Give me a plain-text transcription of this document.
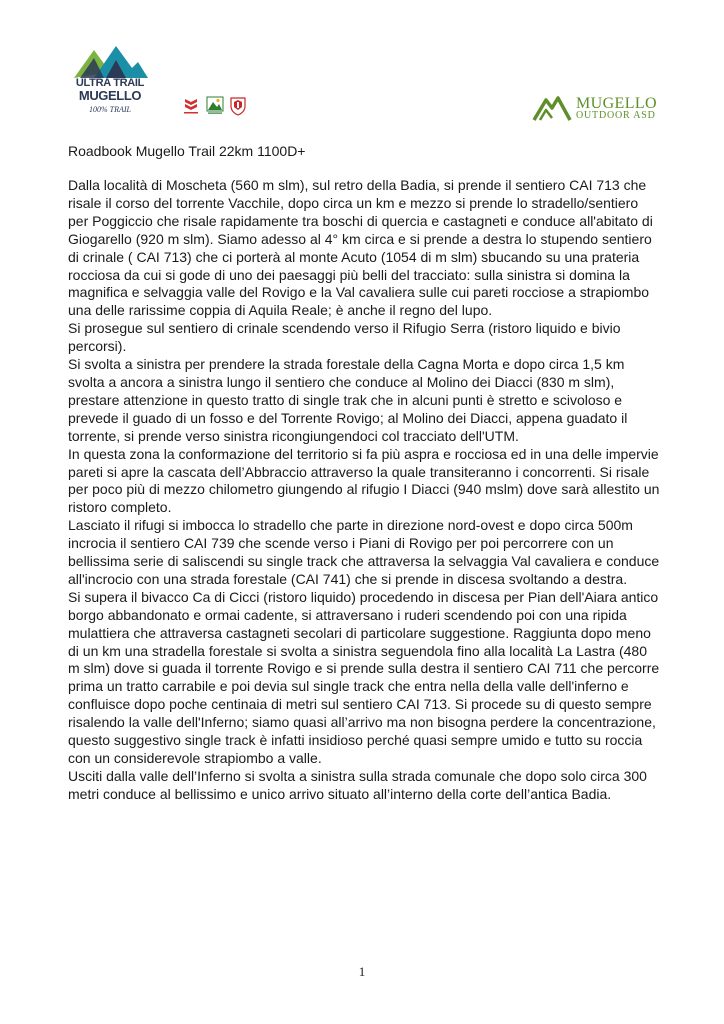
ULTRA TRAIL
MUGELLO
100% TRAIL	MUGELLO
OUTDOOR ASD
Roadbook Mugello Trail 22km 1100D+

Dalla località di Moscheta (560 m slm), sul retro della Badia, si prende il sentiero CAI 713 che risale il corso del torrente Vacchile, dopo circa un km e mezzo si prende lo stradello/sentiero per Poggiccio che risale rapidamente tra boschi di quercia e castagneti e conduce all'abitato di Giogarello (920 m slm). Siamo adesso al 4° km circa e si prende a destra lo stupendo sentiero di crinale ( CAI 713) che ci porterà al monte Acuto (1054 di m slm) sbucando su una prateria rocciosa da cui si gode di uno dei paesaggi più belli del tracciato: sulla sinistra si domina la magnifica e selvaggia valle del Rovigo e la Val cavaliera sulle cui pareti rocciose a strapiombo una delle rarissime coppia di Aquila Reale; è anche il regno del lupo.

Si prosegue sul sentiero di crinale scendendo verso il Rifugio Serra (ristoro liquido e bivio percorsi).

Si svolta a sinistra per prendere la strada forestale della Cagna Morta e dopo circa 1,5 km svolta a ancora a sinistra lungo il sentiero che conduce al Molino dei Diacci (830 m slm), prestare attenzione in questo tratto di single trak che in alcuni punti è stretto e scivoloso e prevede il guado di un fosso e del Torrente Rovigo; al Molino dei Diacci, appena guadato il torrente, si prende verso sinistra ricongiungendoci col tracciato dell'UTM.

In questa zona la conformazione del territorio si fa più aspra e rocciosa ed in una delle impervie pareti si apre la cascata dell’Abbraccio attraverso la quale transiteranno i concorrenti. Si risale per poco più di mezzo chilometro giungendo al rifugio I Diacci (940 mslm) dove sarà allestito un ristoro completo.

Lasciato il rifugi si imbocca lo stradello che parte in direzione nord-ovest e dopo circa 500m incrocia il sentiero CAI 739 che scende verso i Piani di Rovigo per poi percorrere con un bellissima serie di saliscendi su single track che attraversa la selvaggia Val cavaliera e conduce all'incrocio con una strada forestale (CAI 741) che si prende in discesa svoltando a destra.

Si supera il bivacco Ca di Cicci (ristoro liquido) procedendo in discesa per Pian dell'Aiara antico borgo abbandonato e ormai cadente, si attraversano i ruderi scendendo poi con una ripida mulattiera che attraversa castagneti secolari di particolare suggestione. Raggiunta dopo meno di un km una stradella forestale si svolta a sinistra seguendola fino alla località La Lastra (480 m slm) dove si guada il torrente Rovigo e si prende sulla destra il sentiero CAI 711 che percorre prima un tratto carrabile e poi devia sul single track che entra nella della valle dell'inferno e confluisce dopo poche centinaia di metri sul sentiero CAI 713. Si procede su di questo sempre risalendo la valle dell'Inferno; siamo quasi all’arrivo ma non bisogna perdere la concentrazione, questo suggestivo single track è infatti insidioso perché quasi sempre umido e tutto su roccia con un considerevole strapiombo a valle.

Usciti dalla valle dell’Inferno si svolta a sinistra sulla strada comunale che dopo solo circa 300 metri conduce al bellissimo e unico arrivo situato all’interno della corte dell’antica Badia.

1
